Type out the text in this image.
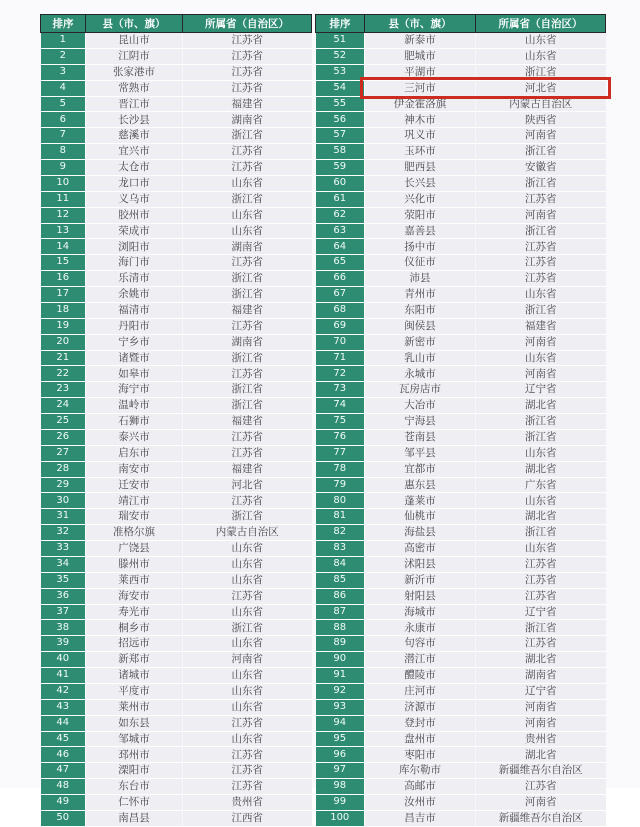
排序	县（市、旗）	所属省（自治区）
1	昆山市	江苏省
2	江阴市	江苏省
3	张家港市	江苏省
4	常熟市	江苏省
5	晋江市	福建省
6	长沙县	湖南省
7	慈溪市	浙江省
8	宜兴市	江苏省
9	太仓市	江苏省
10	龙口市	山东省
11	义乌市	浙江省
12	胶州市	山东省
13	荣成市	山东省
14	浏阳市	湖南省
15	海门市	江苏省
16	乐清市	浙江省
17	余姚市	浙江省
18	福清市	福建省
19	丹阳市	江苏省
20	宁乡市	湖南省
21	诸暨市	浙江省
22	如皋市	江苏省
23	海宁市	浙江省
24	温岭市	浙江省
25	石狮市	福建省
26	泰兴市	江苏省
27	启东市	江苏省
28	南安市	福建省
29	迁安市	河北省
30	靖江市	江苏省
31	瑞安市	浙江省
32	准格尔旗	内蒙古自治区
33	广饶县	山东省
34	滕州市	山东省
35	莱西市	山东省
36	海安市	江苏省
37	寿光市	山东省
38	桐乡市	浙江省
39	招远市	山东省
40	新郑市	河南省
41	诸城市	山东省
42	平度市	山东省
43	莱州市	山东省
44	如东县	江苏省
45	邹城市	山东省
46	邳州市	江苏省
47	溧阳市	江苏省
48	东台市	江苏省
49	仁怀市	贵州省
50	南昌县	江西省
排序	县（市、旗）	所属省（自治区）
51	新泰市	山东省
52	肥城市	山东省
53	平湖市	浙江省
54	三河市	河北省
55	伊金霍洛旗	内蒙古自治区
56	神木市	陕西省
57	巩义市	河南省
58	玉环市	浙江省
59	肥西县	安徽省
60	长兴县	浙江省
61	兴化市	江苏省
62	荥阳市	河南省
63	嘉善县	浙江省
64	扬中市	江苏省
65	仪征市	江苏省
66	沛县	江苏省
67	青州市	山东省
68	东阳市	浙江省
69	闽侯县	福建省
70	新密市	河南省
71	乳山市	山东省
72	永城市	河南省
73	瓦房店市	辽宁省
74	大冶市	湖北省
75	宁海县	浙江省
76	苍南县	浙江省
77	邹平县	山东省
78	宜都市	湖北省
79	惠东县	广东省
80	蓬莱市	山东省
81	仙桃市	湖北省
82	海盐县	浙江省
83	高密市	山东省
84	沭阳县	江苏省
85	新沂市	江苏省
86	射阳县	江苏省
87	海城市	辽宁省
88	永康市	浙江省
89	句容市	江苏省
90	潜江市	湖北省
91	醴陵市	湖南省
92	庄河市	辽宁省
93	济源市	河南省
94	登封市	河南省
95	盘州市	贵州省
96	枣阳市	湖北省
97	库尔勒市	新疆维吾尔自治区
98	高邮市	江苏省
99	汝州市	河南省
100	昌吉市	新疆维吾尔自治区
